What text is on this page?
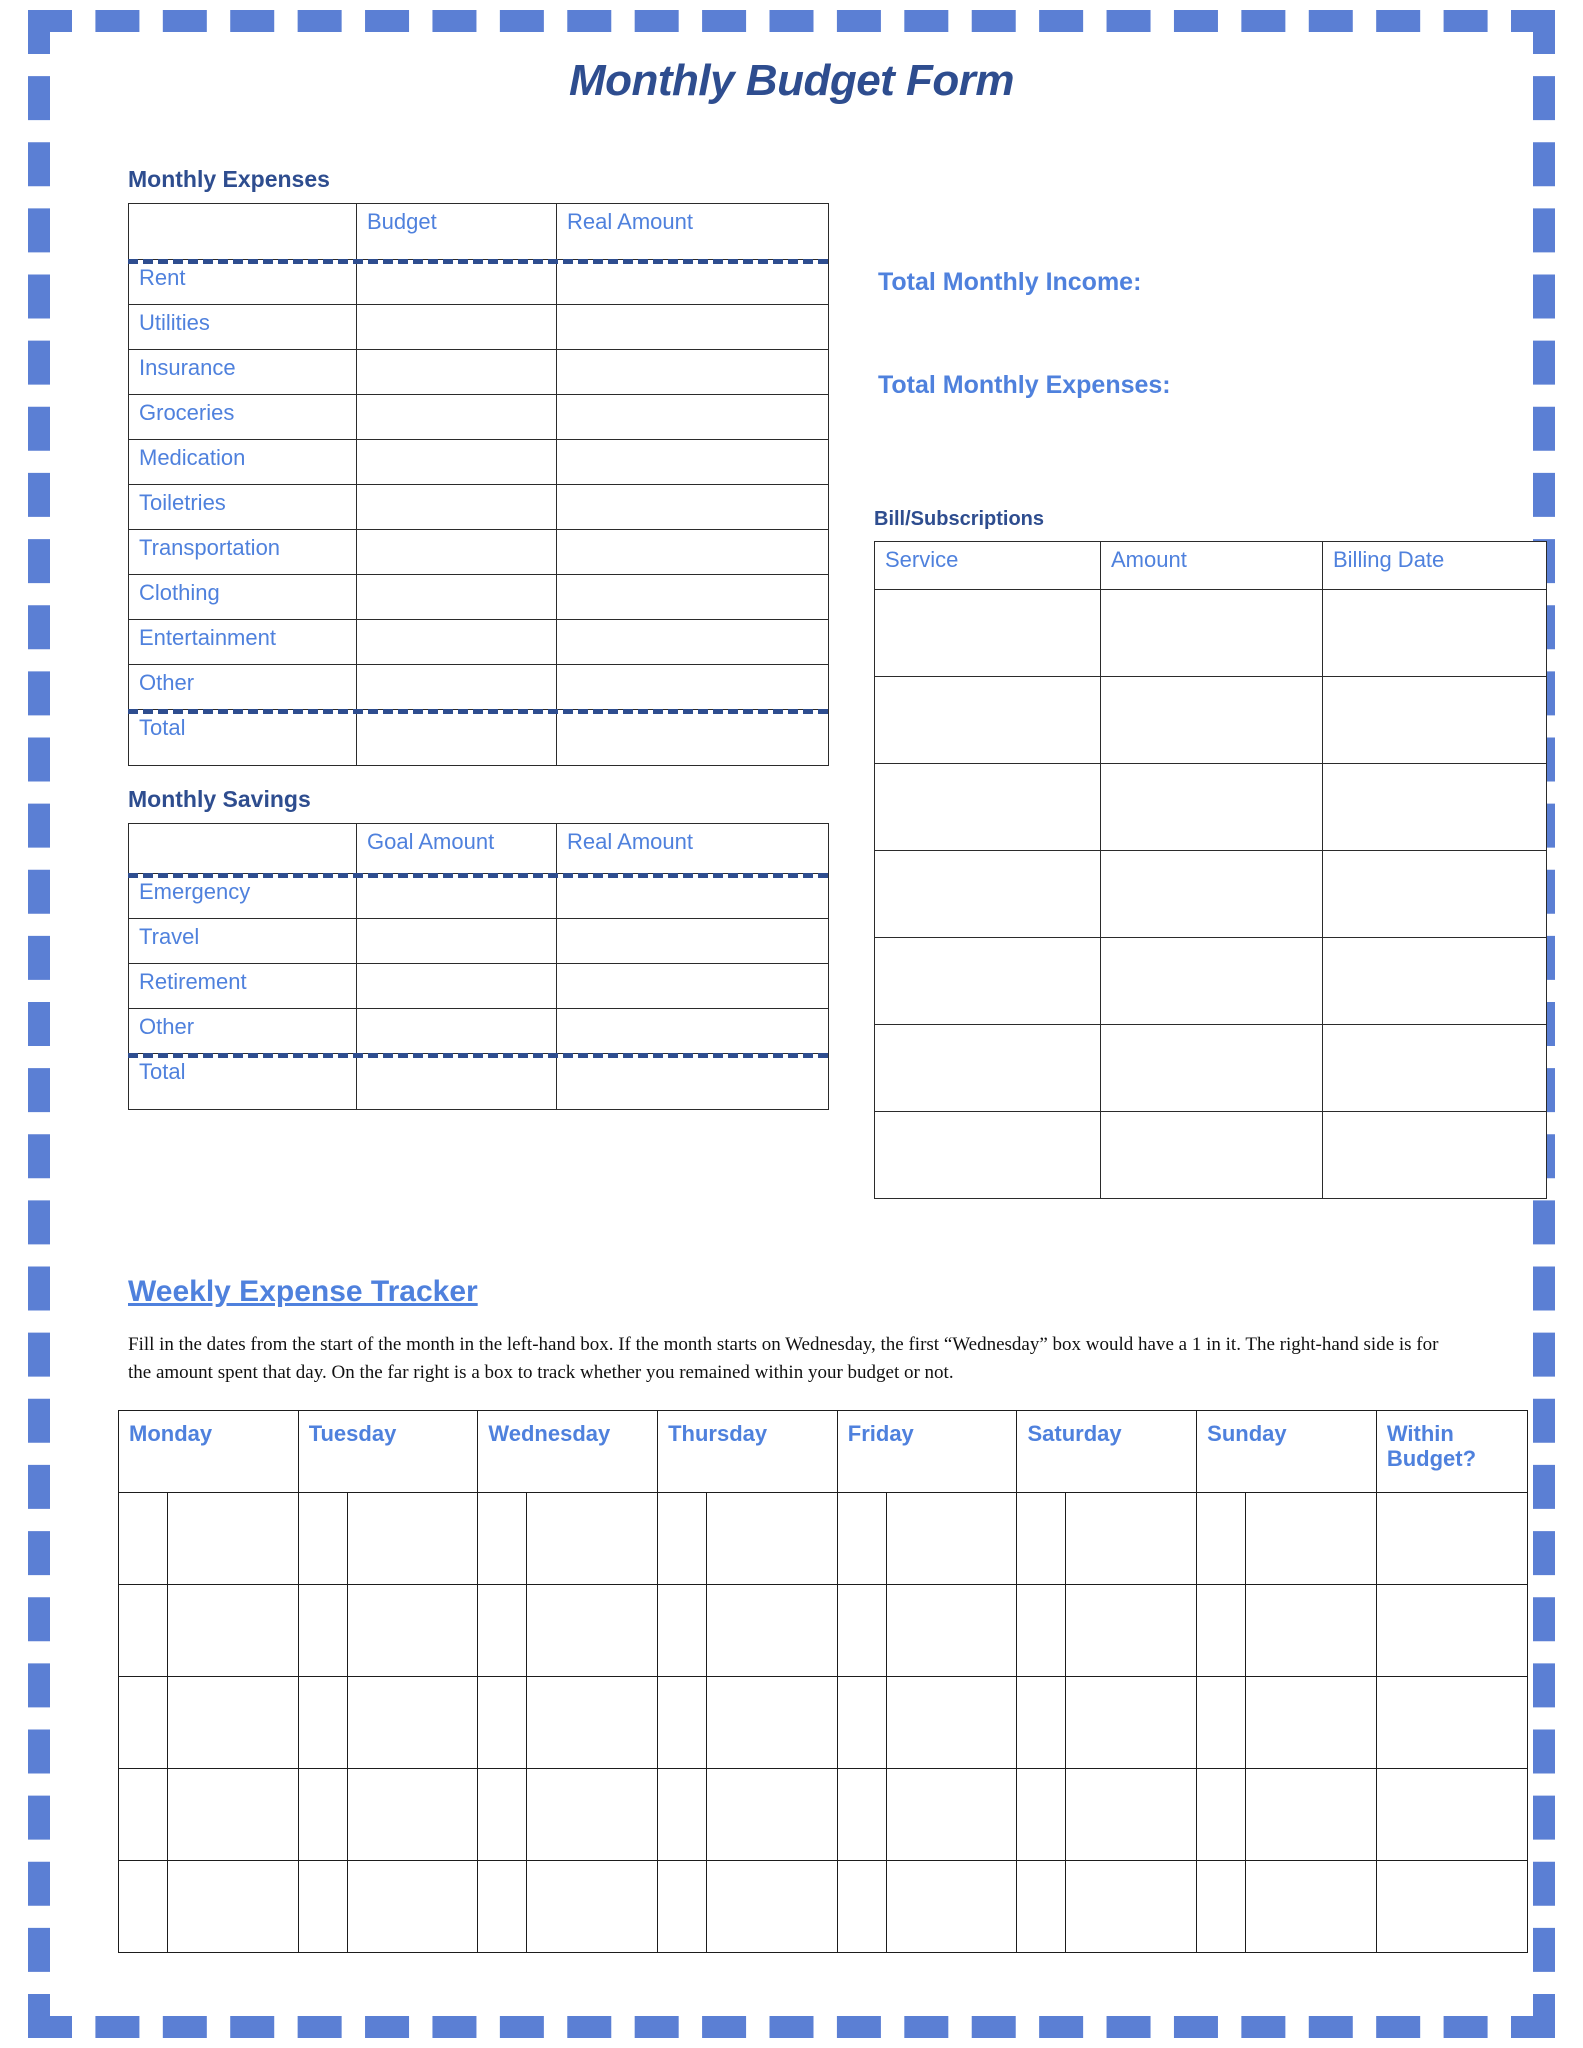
Monthly Budget Form
Monthly Expenses

	Budget	Real Amount

Rent		

Utilities		

Insurance		

Groceries		

Medication		

Toiletries		

Transportation		

Clothing		

Entertainment		

Other		

Total		

Monthly Savings

	Goal Amount	Real Amount

Emergency		

Travel		

Retirement		

Other		

Total		

Total Monthly Income:
Total Monthly Expenses:
Bill/Subscriptions
Service	Amount	Billing Date

Weekly Expense Tracker
Fill in the dates from the start of the month in the left-hand box. If the month starts on Wednesday, the first “Wednesday” box would have a 1 in it. The right-hand side is for the amount spent that day. On the far right is a box to track whether you remained within your budget or not.
Monday		Tuesday		Wednesday		Thursday		Friday		Saturday		Sunday		Within Budget?
